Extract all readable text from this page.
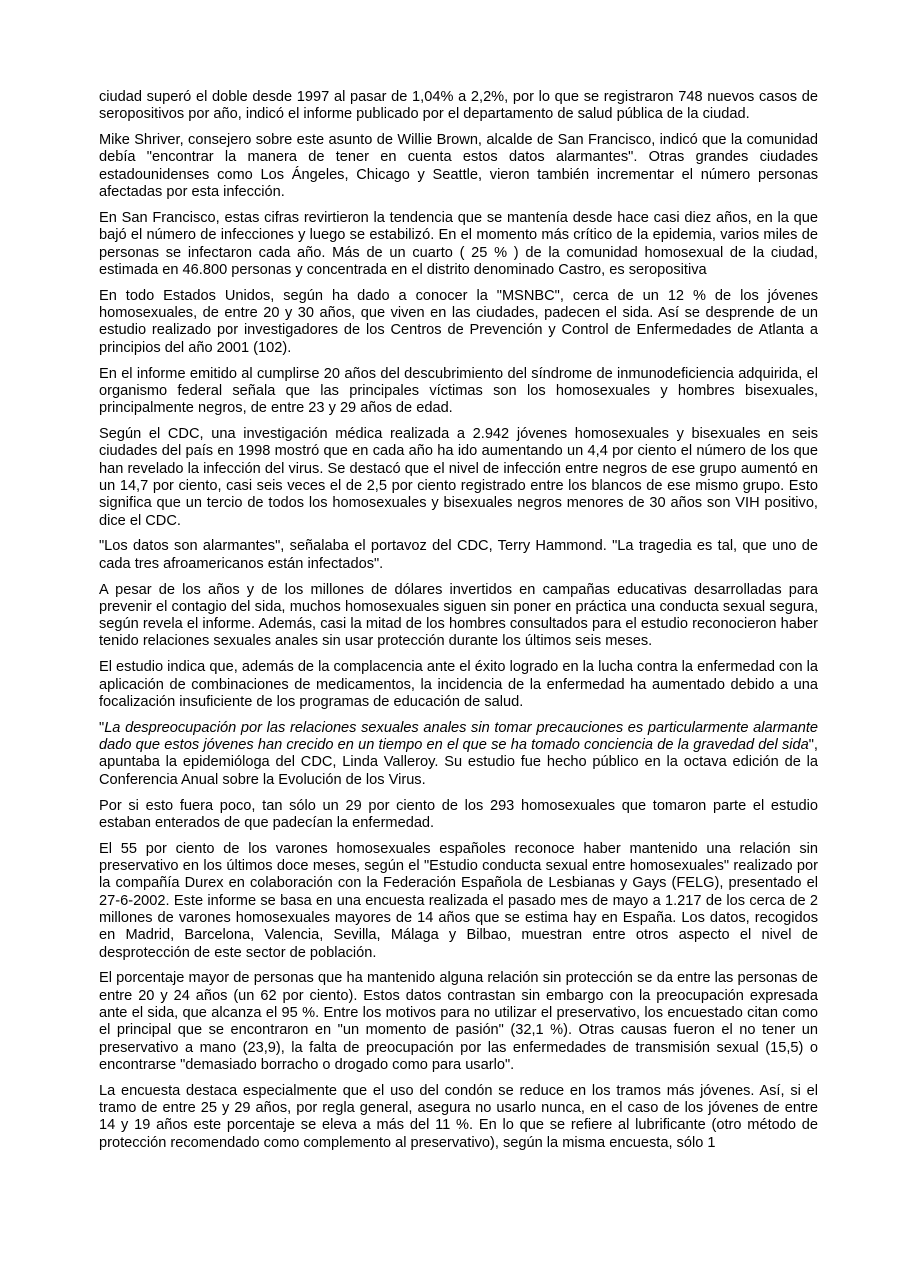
ciudad superó el doble desde 1997 al pasar de 1,04% a 2,2%, por lo que se registraron 748 nuevos casos de seropositivos por año, indicó el informe publicado por el departamento de salud pública de la ciudad.

Mike Shriver, consejero sobre este asunto de Willie Brown, alcalde de San Francisco, indicó que la comunidad debía "encontrar la manera de tener en cuenta estos datos alarmantes". Otras grandes ciudades estadounidenses como Los Ángeles, Chicago y Seattle, vieron también incrementar el número personas afectadas por esta infección.

En San Francisco, estas cifras revirtieron la tendencia que se mantenía desde hace casi diez años, en la que bajó el número de infecciones y luego se estabilizó. En el momento más crítico de la epidemia, varios miles de personas se infectaron cada año. Más de un cuarto ( 25 % ) de la comunidad homosexual de la ciudad, estimada en 46.800 personas y concentrada en el distrito denominado Castro, es seropositiva

En todo Estados Unidos, según ha dado a conocer la "MSNBC", cerca de un 12 % de los jóvenes homosexuales, de entre 20 y 30 años, que viven en las ciudades, padecen el sida. Así se desprende de un estudio realizado por investigadores de los Centros de Prevención y Control de Enfermedades de Atlanta a principios del año 2001 (102).

En el informe emitido al cumplirse 20 años del descubrimiento del síndrome de inmunodeficiencia adquirida, el organismo federal señala que las principales víctimas son los homosexuales y hombres bisexuales, principalmente negros, de entre 23 y 29 años de edad.

Según el CDC, una investigación médica realizada a 2.942 jóvenes homosexuales y bisexuales en seis ciudades del país en 1998 mostró que en cada año ha ido aumentando un 4,4 por ciento el número de los que han revelado la infección del virus. Se destacó que el nivel de infección entre negros de ese grupo aumentó en un 14,7 por ciento, casi seis veces el de 2,5 por ciento registrado entre los blancos de ese mismo grupo. Esto significa que un tercio de todos los homosexuales y bisexuales negros menores de 30 años son VIH positivo, dice el CDC.

"Los datos son alarmantes", señalaba el portavoz del CDC, Terry Hammond. "La tragedia es tal, que uno de cada tres afroamericanos están infectados".

A pesar de los años y de los millones de dólares invertidos en campañas educativas desarrolladas para prevenir el contagio del sida, muchos homosexuales siguen sin poner en práctica una conducta sexual segura, según revela el informe. Además, casi la mitad de los hombres consultados para el estudio reconocieron haber tenido relaciones sexuales anales sin usar protección durante los últimos seis meses.

El estudio indica que, además de la complacencia ante el éxito logrado en la lucha contra la enfermedad con la aplicación de combinaciones de medicamentos, la incidencia de la enfermedad ha aumentado debido a una focalización insuficiente de los programas de educación de salud.

"La despreocupación por las relaciones sexuales anales sin tomar precauciones es particularmente alarmante dado que estos jóvenes han crecido en un tiempo en el que se ha tomado conciencia de la gravedad del sida", apuntaba la epidemióloga del CDC, Linda Valleroy. Su estudio fue hecho público en la octava edición de la Conferencia Anual sobre la Evolución de los Virus.

Por si esto fuera poco, tan sólo un 29 por ciento de los 293 homosexuales que tomaron parte el estudio estaban enterados de que padecían la enfermedad.

El 55 por ciento de los varones homosexuales españoles reconoce haber mantenido una relación sin preservativo en los últimos doce meses, según el "Estudio conducta sexual entre homosexuales" realizado por la compañía Durex en colaboración con la Federación Española de Lesbianas y Gays (FELG), presentado el 27-6-2002. Este informe se basa en una encuesta realizada el pasado mes de mayo a 1.217 de los cerca de 2 millones de varones homosexuales mayores de 14 años que se estima hay en España. Los datos, recogidos en Madrid, Barcelona, Valencia, Sevilla, Málaga y Bilbao, muestran entre otros aspecto el nivel de desprotección de este sector de población.

El porcentaje mayor de personas que ha mantenido alguna relación sin protección se da entre las personas de entre 20 y 24 años (un 62 por ciento). Estos datos contrastan sin embargo con la preocupación expresada ante el sida, que alcanza el 95 %. Entre los motivos para no utilizar el preservativo, los encuestado citan como el principal que se encontraron en "un momento de pasión" (32,1 %). Otras causas fueron el no tener un preservativo a mano (23,9), la falta de preocupación por las enfermedades de transmisión sexual (15,5) o encontrarse "demasiado borracho o drogado como para usarlo".

La encuesta destaca especialmente que el uso del condón se reduce en los tramos más jóvenes. Así, si el tramo de entre 25 y 29 años, por regla general, asegura no usarlo nunca, en el caso de los jóvenes de entre 14 y 19 años este porcentaje se eleva a más del 11 %. En lo que se refiere al lubrificante (otro método de protección recomendado como complemento al preservativo), según la misma encuesta, sólo 1
